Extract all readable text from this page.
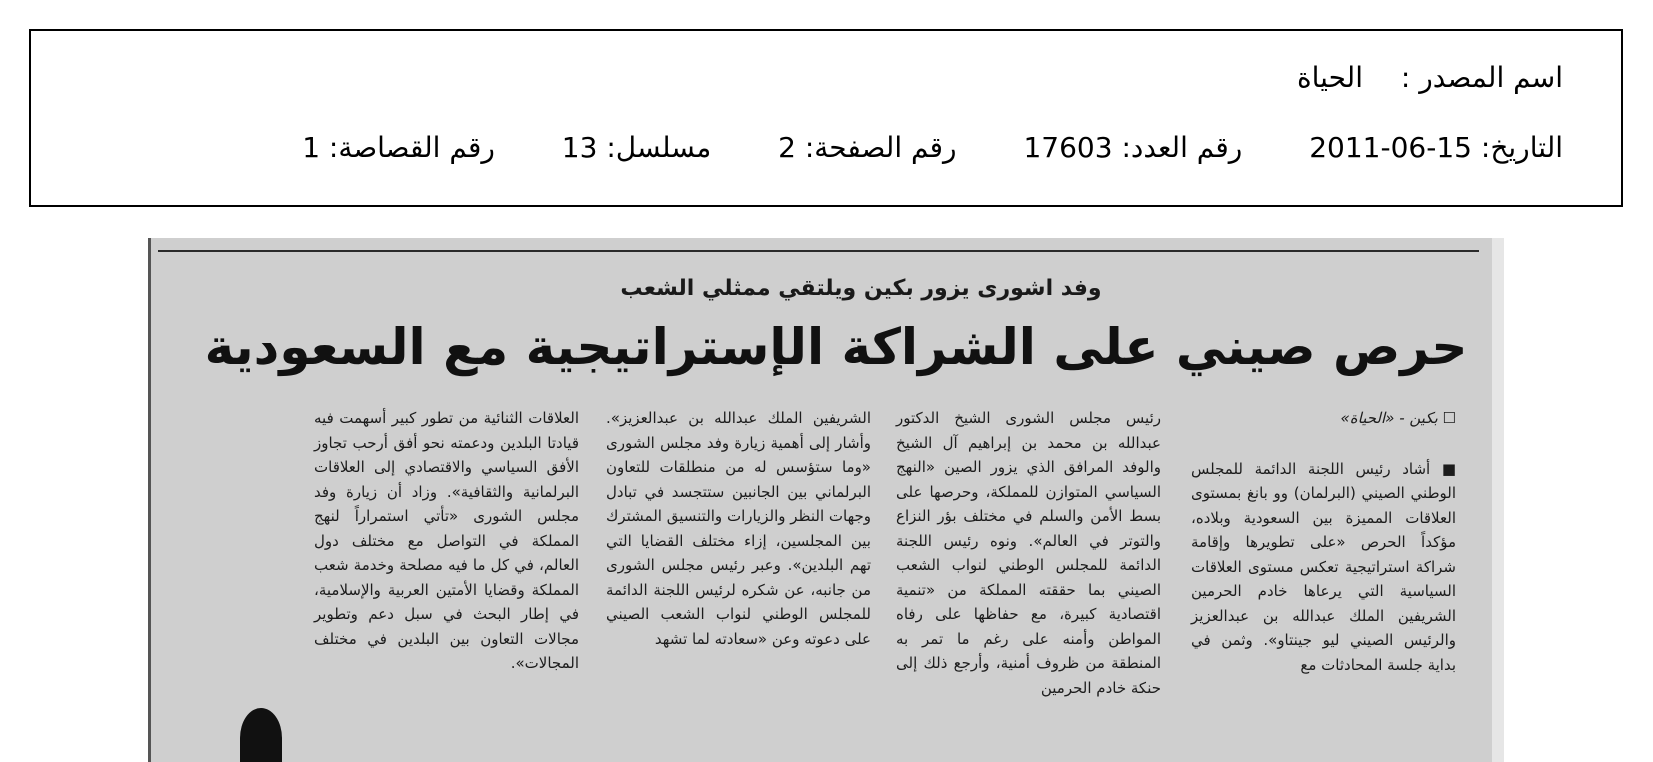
اسم المصدر :الحياة
التاريخ: 15-06-2011 رقم العدد: 17603 رقم الصفحة: 2 مسلسل: 13 رقم القصاصة: 1
وفد اشورى يزور بكين ويلتقي ممثلي الشعب
حرص صيني على الشراكة الإستراتيجية مع السعودية

☐ بكين - «الحياة»

■ أشاد رئيس اللجنة الدائمة للمجلس الوطني الصيني (البرلمان) وو بانغ بمستوى العلاقات المميزة بين السعودية وبلاده، مؤكداً الحرص «على تطويرها وإقامة شراكة استراتيجية تعكس مستوى العلاقات السياسية التي يرعاها خادم الحرمين الشريفين الملك عبدالله بن عبدالعزيز والرئيس الصيني ليو جينتاو». وثمن في بداية جلسة المحادثات مع

رئيس مجلس الشورى الشيخ الدكتور عبدالله بن محمد بن إبراهيم آل الشيخ والوفد المرافق الذي يزور الصين «النهج السياسي المتوازن للمملكة، وحرصها على بسط الأمن والسلم في مختلف بؤر النزاع والتوتر في العالم». ونوه رئيس اللجنة الدائمة للمجلس الوطني لنواب الشعب الصيني بما حققته المملكة من «تنمية اقتصادية كبيرة، مع حفاظها على رفاه المواطن وأمنه على رغم ما تمر به المنطقة من ظروف أمنية، وأرجع ذلك إلى حنكة خادم الحرمين

الشريفين الملك عبدالله بن عبدالعزيز». وأشار إلى أهمية زيارة وفد مجلس الشورى «وما ستؤسس له من منطلقات للتعاون البرلماني بين الجانبين ستتجسد في تبادل وجهات النظر والزيارات والتنسيق المشترك بين المجلسين، إزاء مختلف القضايا التي تهم البلدين». وعبر رئيس مجلس الشورى من جانبه، عن شكره لرئيس اللجنة الدائمة للمجلس الوطني لنواب الشعب الصيني على دعوته وعن «سعادته لما تشهد

العلاقات الثنائية من تطور كبير أسهمت فيه قيادتا البلدين ودعمته نحو أفق أرحب تجاوز الأفق السياسي والاقتصادي إلى العلاقات البرلمانية والثقافية». وزاد أن زيارة وفد مجلس الشورى «تأتي استمراراً لنهج المملكة في التواصل مع مختلف دول العالم، في كل ما فيه مصلحة وخدمة شعب المملكة وقضايا الأمتين العربية والإسلامية، في إطار البحث في سبل دعم وتطوير مجالات التعاون بين البلدين في مختلف المجالات».
